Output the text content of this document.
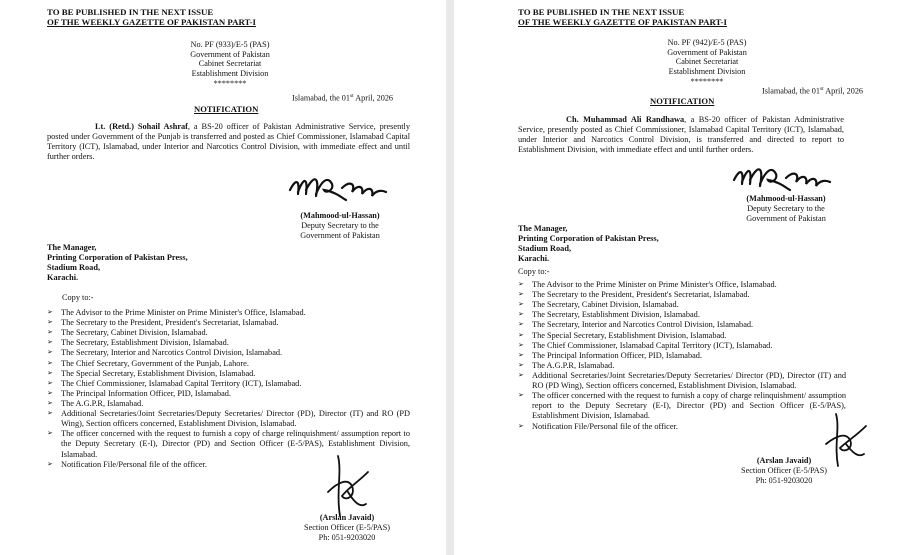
TO BE PUBLISHED IN THE NEXT ISSUE
OF THE WEEKLY GAZETTE OF PAKISTAN PART-I
No. PF (933)/E-5 (PAS)
Government of Pakistan
Cabinet Secretariat
Establishment Division
********
Islamabad, the 01st April, 2026
NOTIFICATION
Lt. (Retd.) Sohail Ashraf, a BS-20 officer of Pakistan Administrative Service, presently posted under Government of the Punjab is transferred and posted as Chief Commissioner, Islamabad Capital Territory (ICT), Islamabad, under Interior and Narcotics Control Division, with immediate effect and until further orders.
(Mahmood-ul-Hassan)
Deputy Secretary to the
Government of Pakistan
The Manager,
Printing Corporation of Pakistan Press,
Stadium Road,
Karachi.
Copy to:-
➢ The Advisor to the Prime Minister on Prime Minister's Office, Islamabad.
➢ The Secretary to the President, President's Secretariat, Islamabad.
➢ The Secretary, Cabinet Division, Islamabad.
➢ The Secretary, Establishment Division, Islamabad.
➢ The Secretary, Interior and Narcotics Control Division, Islamabad.
➢ The Chief Secretary, Government of the Punjab, Lahore.
➢ The Special Secretary, Establishment Division, Islamabad.
➢ The Chief Commissioner, Islamabad Capital Territory (ICT), Islamabad.
➢ The Principal Information Officer, PID, Islamabad.
➢ The A.G.P.R, Islamabad.
➢ Additional Secretaries/Joint Secretaries/Deputy Secretaries/ Director (PD), Director (IT) and RO (PD Wing), Section officers concerned, Establishment Division, Islamabad.
➢ The officer concerned with the request to furnish a copy of charge relinquishment/ assumption report to the Deputy Secretary (E-I), Director (PD) and Section Officer (E-5/PAS), Establishment Division, Islamabad.
➢ Notification File/Personal file of the officer.
(Arslan Javaid)
Section Officer (E-5/PAS)
Ph: 051-9203020
TO BE PUBLISHED IN THE NEXT ISSUE
OF THE WEEKLY GAZETTE OF PAKISTAN PART-I
No. PF (942)/E-5 (PAS)
Government of Pakistan
Cabinet Secretariat
Establishment Division
********
Islamabad, the 01st April, 2026
NOTIFICATION
Ch. Muhammad Ali Randhawa, a BS-20 officer of Pakistan Administrative Service, presently posted as Chief Commissioner, Islamabad Capital Territory (ICT), Islamabad, under Interior and Narcotics Control Division, is transferred and directed to report to Establishment Division, with immediate effect and until further orders.
(Mahmood-ul-Hassan)
Deputy Secretary to the
Government of Pakistan
The Manager,
Printing Corporation of Pakistan Press,
Stadium Road,
Karachi.
Copy to:-
➢ The Advisor to the Prime Minister on Prime Minister's Office, Islamabad.
➢ The Secretary to the President, President's Secretariat, Islamabad.
➢ The Secretary, Cabinet Division, Islamabad.
➢ The Secretary, Establishment Division, Islamabad.
➢ The Secretary, Interior and Narcotics Control Division, Islamabad.
➢ The Special Secretary, Establishment Division, Islamabad.
➢ The Chief Commissioner, Islamabad Capital Territory (ICT), Islamabad.
➢ The Principal Information Officer, PID, Islamabad.
➢ The A.G.P.R, Islamabad.
➢ Additional Secretaries/Joint Secretaries/Deputy Secretaries/ Director (PD), Director (IT) and RO (PD Wing), Section officers concerned, Establishment Division, Islamabad.
➢ The officer concerned with the request to furnish a copy of charge relinquishment/ assumption report to the Deputy Secretary (E-I), Director (PD) and Section Officer (E-5/PAS), Establishment Division, Islamabad.
➢ Notification File/Personal file of the officer.
(Arslan Javaid)
Section Officer (E-5/PAS)
Ph: 051-9203020
